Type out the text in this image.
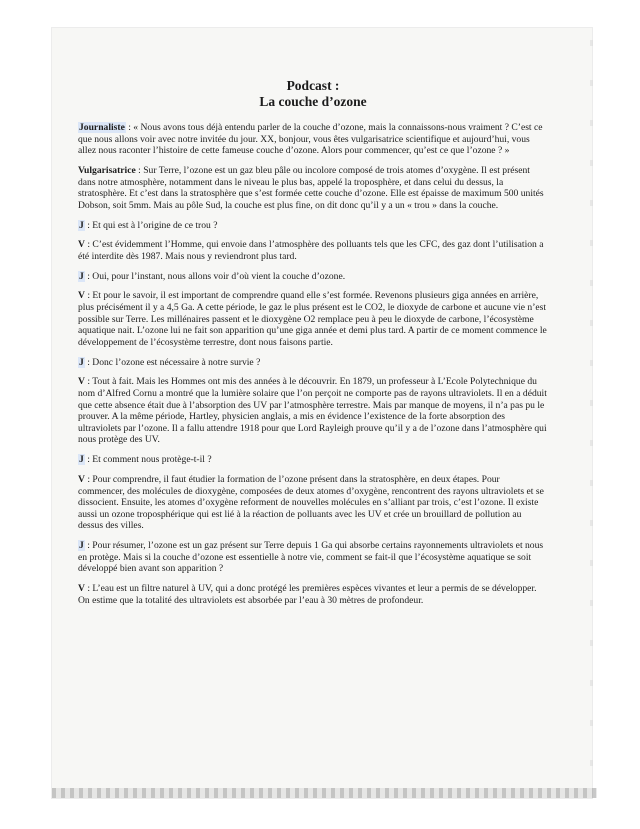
Podcast :
La couche d’ozone

Journaliste : « Nous avons tous déjà entendu parler de la couche d’ozone, mais la connaissons-nous vraiment ? C’est ce que nous allons voir avec notre invitée du jour. XX, bonjour, vous êtes vulgarisatrice scientifique et aujourd’hui, vous allez nous raconter l’histoire de cette fameuse couche d’ozone. Alors pour commencer, qu’est ce que l’ozone ? »

Vulgarisatrice : Sur Terre, l’ozone est un gaz bleu pâle ou incolore composé de trois atomes d’oxygène. Il est présent dans notre atmosphère, notamment dans le niveau le plus bas, appelé la troposphère, et dans celui du dessus, la stratosphère. Et c’est dans la stratosphère que s’est formée cette couche d’ozone. Elle est épaisse de maximum 500 unités Dobson, soit 5mm. Mais au pôle Sud, la couche est plus fine, on dit donc qu’il y a un « trou » dans la couche.

J : Et qui est à l’origine de ce trou ?

V : C’est évidemment l’Homme, qui envoie dans l’atmosphère des polluants tels que les CFC, des gaz dont l’utilisation a été interdite dès 1987. Mais nous y reviendront plus tard.

J : Oui, pour l’instant, nous allons voir d’où vient la couche d’ozone.

V : Et pour le savoir, il est important de comprendre quand elle s’est formée. Revenons plusieurs giga années en arrière, plus précisément il y a 4,5 Ga. A cette période, le gaz le plus présent est le CO2, le dioxyde de carbone et aucune vie n’est possible sur Terre. Les millénaires passent et le dioxygène O2 remplace peu à peu le dioxyde de carbone, l’écosystème aquatique nait. L’ozone lui ne fait son apparition qu’une giga année et demi plus tard. A partir de ce moment commence le développement de l’écosystème terrestre, dont nous faisons partie.

J : Donc l’ozone est nécessaire à notre survie ?

V : Tout à fait. Mais les Hommes ont mis des années à le découvrir. En 1879, un professeur à L’Ecole Polytechnique du nom d’Alfred Cornu a montré que la lumière solaire que l’on perçoit ne comporte pas de rayons ultraviolets. Il en a déduit que cette absence était due à l’absorption des UV par l’atmosphère terrestre. Mais par manque de moyens, il n’a pas pu le prouver. A la même période, Hartley, physicien anglais, a mis en évidence l’existence de la forte absorption des ultraviolets par l’ozone. Il a fallu attendre 1918 pour que Lord Rayleigh prouve qu’il y a de l’ozone dans l’atmosphère qui nous protège des UV.

J : Et comment nous protège-t-il ?

V : Pour comprendre, il faut étudier la formation de l’ozone présent dans la stratosphère, en deux étapes. Pour commencer, des molécules de dioxygène, composées de deux atomes d’oxygène, rencontrent des rayons ultraviolets et se dissocient. Ensuite, les atomes d’oxygène reforment de nouvelles molécules en s’alliant par trois, c’est l’ozone. Il existe aussi un ozone troposphérique qui est lié à la réaction de polluants avec les UV et crée un brouillard de pollution au dessus des villes.

J : Pour résumer, l’ozone est un gaz présent sur Terre depuis 1 Ga qui absorbe certains rayonnements ultraviolets et nous en protège. Mais si la couche d’ozone est essentielle à notre vie, comment se fait-il que l’écosystème aquatique se soit développé bien avant son apparition ?

V : L’eau est un filtre naturel à UV, qui a donc protégé les premières espèces vivantes et leur a permis de se développer. On estime que la totalité des ultraviolets est absorbée par l’eau à 30 mètres de profondeur.
